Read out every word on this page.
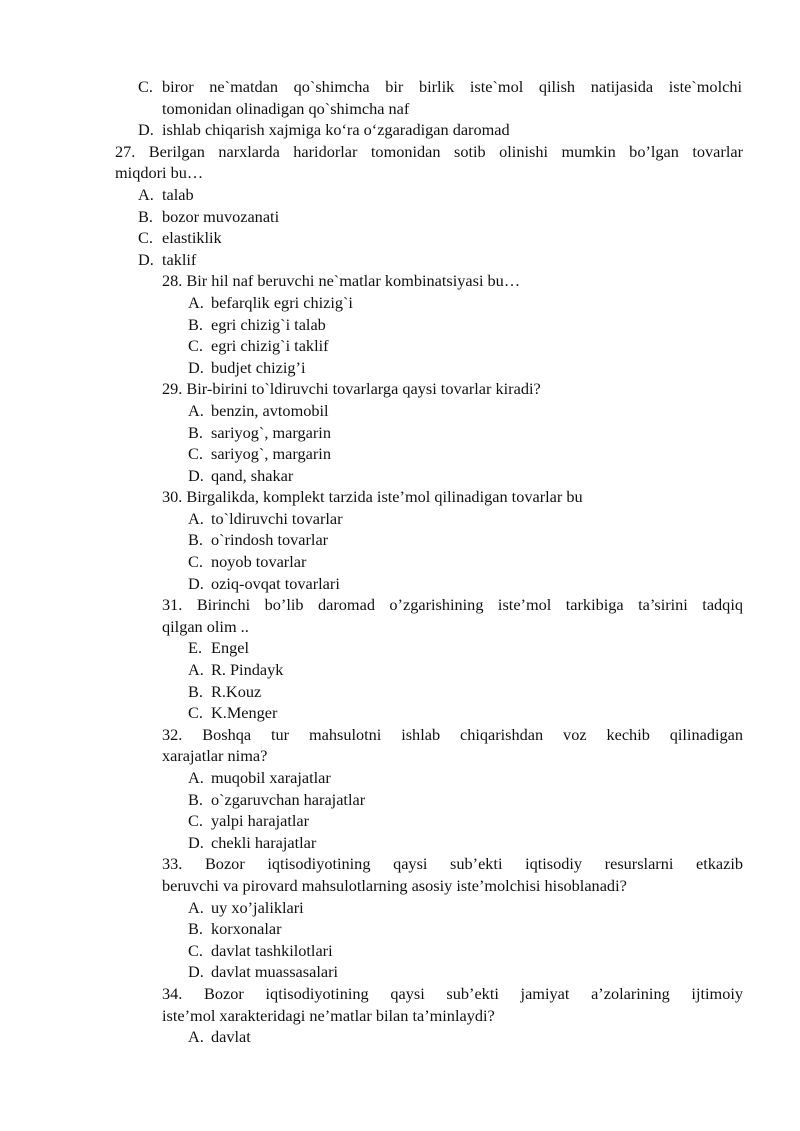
C. biror ne`matdan qo`shimcha bir birlik iste`mol qilish natijasida iste`molchi
tomonidan olinadigan qo`shimcha naf
D. ishlab chiqarish xajmiga ko‘ra o‘zgaradigan daromad
27. Berilgan narxlarda haridorlar tomonidan sotib olinishi mumkin bo’lgan tovarlar
miqdori bu…
A. talab
B. bozor muvozanati
C. elastiklik
D. taklif
28. Bir hil naf beruvchi ne`matlar kombinatsiyasi bu…
A. befarqlik egri chizig`i
B. egri chizig`i talab
C. egri chizig`i taklif
D. budjet chizig’i
29. Bir-birini to`ldiruvchi tovarlarga qaysi tovarlar kiradi?
A. benzin, avtomobil
B. sariyog`, margarin
C. sariyog`, margarin
D. qand, shakar
30. Birgalikda, komplekt tarzida iste’mol qilinadigan tovarlar bu
A. to`ldiruvchi tovarlar
B. o`rindosh tovarlar
C. noyob tovarlar
D. oziq-ovqat tovarlari
31. Birinchi bo’lib daromad o’zgarishining iste’mol tarkibiga ta’sirini tadqiq
qilgan olim ..
E. Engel
A. R. Pindayk
B. R.Kouz
C. K.Menger
32. Boshqa tur mahsulotni ishlab chiqarishdan voz kechib qilinadigan
xarajatlar nima?
A. muqobil xarajatlar
B. o`zgaruvchan harajatlar
C. yalpi harajatlar
D. chekli harajatlar
33. Bozor iqtisodiyotining qaysi sub’ekti iqtisodiy resurslarni etkazib
beruvchi va pirovard mahsulotlarning asosiy iste’molchisi hisoblanadi?
A. uy xo’jaliklari
B. korxonalar
C. davlat tashkilotlari
D. davlat muassasalari
34. Bozor iqtisodiyotining qaysi sub’ekti jamiyat a’zolarining ijtimoiy
iste’mol xarakteridagi ne’matlar bilan ta’minlaydi?
A. davlat
